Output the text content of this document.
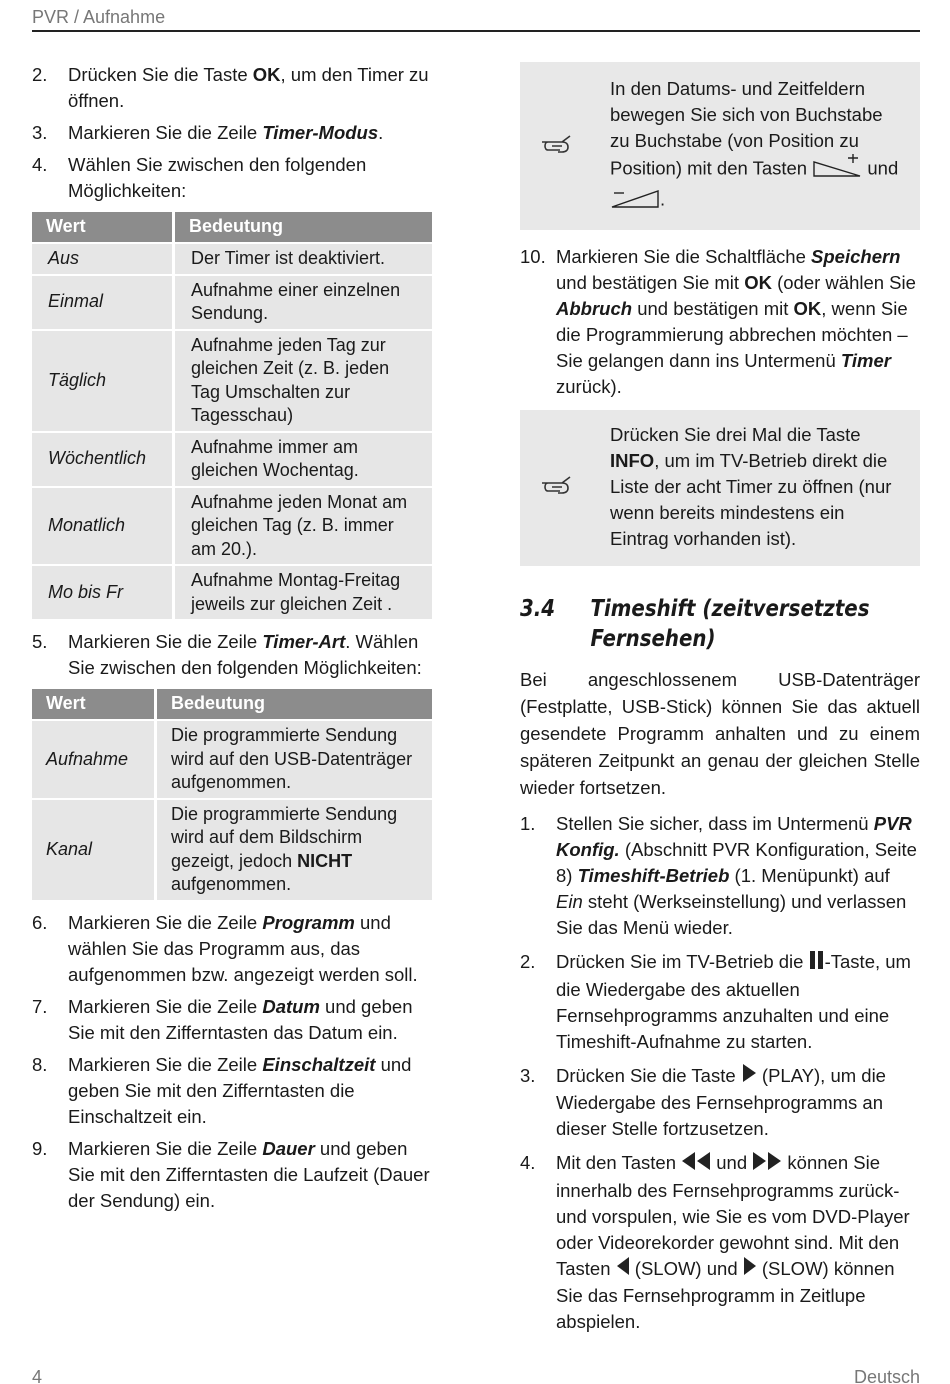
PVR / Aufnahme
2. Drücken Sie die Taste OK, um den Timer zu öffnen.
3. Markieren Sie die Zeile Timer-Modus.
4. Wählen Sie zwischen den folgenden Möglichkeiten:
Wert	Bedeutung
Aus	Der Timer ist deaktiviert.
Einmal	Aufnahme einer einzelnen Sendung.
Täglich	Aufnahme jeden Tag zur gleichen Zeit (z. B. jeden Tag Umschalten zur Tagesschau)
Wöchentlich	Aufnahme immer am gleichen Wochentag.
Monatlich	Aufnahme jeden Monat am gleichen Tag (z. B. immer am 20.).
Mo bis Fr	Aufnahme Montag-Freitag jeweils zur gleichen Zeit .
5. Markieren Sie die Zeile Timer-Art. Wählen Sie zwischen den folgenden Möglichkeiten:
Wert	Bedeutung
Aufnahme	Die programmierte Sendung wird auf den USB-Datenträger aufgenommen.
Kanal	Die programmierte Sendung wird auf dem Bildschirm gezeigt, jedoch NICHT aufgenommen.
6. Markieren Sie die Zeile Programm und wählen Sie das Programm aus, das aufgenommen bzw. angezeigt werden soll.
7. Markieren Sie die Zeile Datum und geben Sie mit den Zifferntasten das Datum ein.
8. Markieren Sie die Zeile Einschaltzeit und geben Sie mit den Zifferntasten die Einschaltzeit ein.
9. Markieren Sie die Zeile Dauer und geben Sie mit den Zifferntasten die Laufzeit (Dauer der Sendung) ein.
In den Datums- und Zeitfeldern bewegen Sie sich von Buchstabe zu Buchstabe (von Position zu Position) mit den Tasten	und .
10. Markieren Sie die Schaltfläche Speichern und bestätigen Sie mit OK (oder wählen Sie Abbruch und bestätigen mit OK, wenn Sie die Programmierung abbrechen möchten – Sie gelangen dann ins Untermenü Timer zurück).
Drücken Sie drei Mal die Taste INFO, um im TV-Betrieb direkt die Liste der acht Timer zu öffnen (nur wenn bereits mindestens ein Eintrag vorhanden ist).
3.4	Timeshift (zeitversetztes Fernsehen)

Bei angeschlossenem USB-Datenträger (Festplatte, USB-Stick) können Sie das aktuell gesendete Programm anhalten und zu einem späteren Zeitpunkt an genau der gleichen Stelle wieder fortsetzen.

1. Stellen Sie sicher, dass im Untermenü PVR Konfig. (Abschnitt PVR Konfiguration, Seite 8) Timeshift-Betrieb (1. Menüpunkt) auf Ein steht (Werkseinstellung) und verlassen Sie das Menü wieder.
2. Drücken Sie im TV-Betrieb die -Taste, um die Wiedergabe des aktuellen Fernsehprogramms anzuhalten und eine Timeshift-Aufnahme zu starten.
3. Drücken Sie die Taste  (PLAY), um die Wiedergabe des Fernsehprogramms an dieser Stelle fortzusetzen.
4. Mit den Tasten  und  können Sie innerhalb des Fernsehprogramms zurück- und vorspulen, wie Sie es vom DVD-Player oder Videorekorder gewohnt sind. Mit den Tasten  (SLOW) und  (SLOW) können Sie das Fernsehprogramm in Zeitlupe abspielen.
4	Deutsch
